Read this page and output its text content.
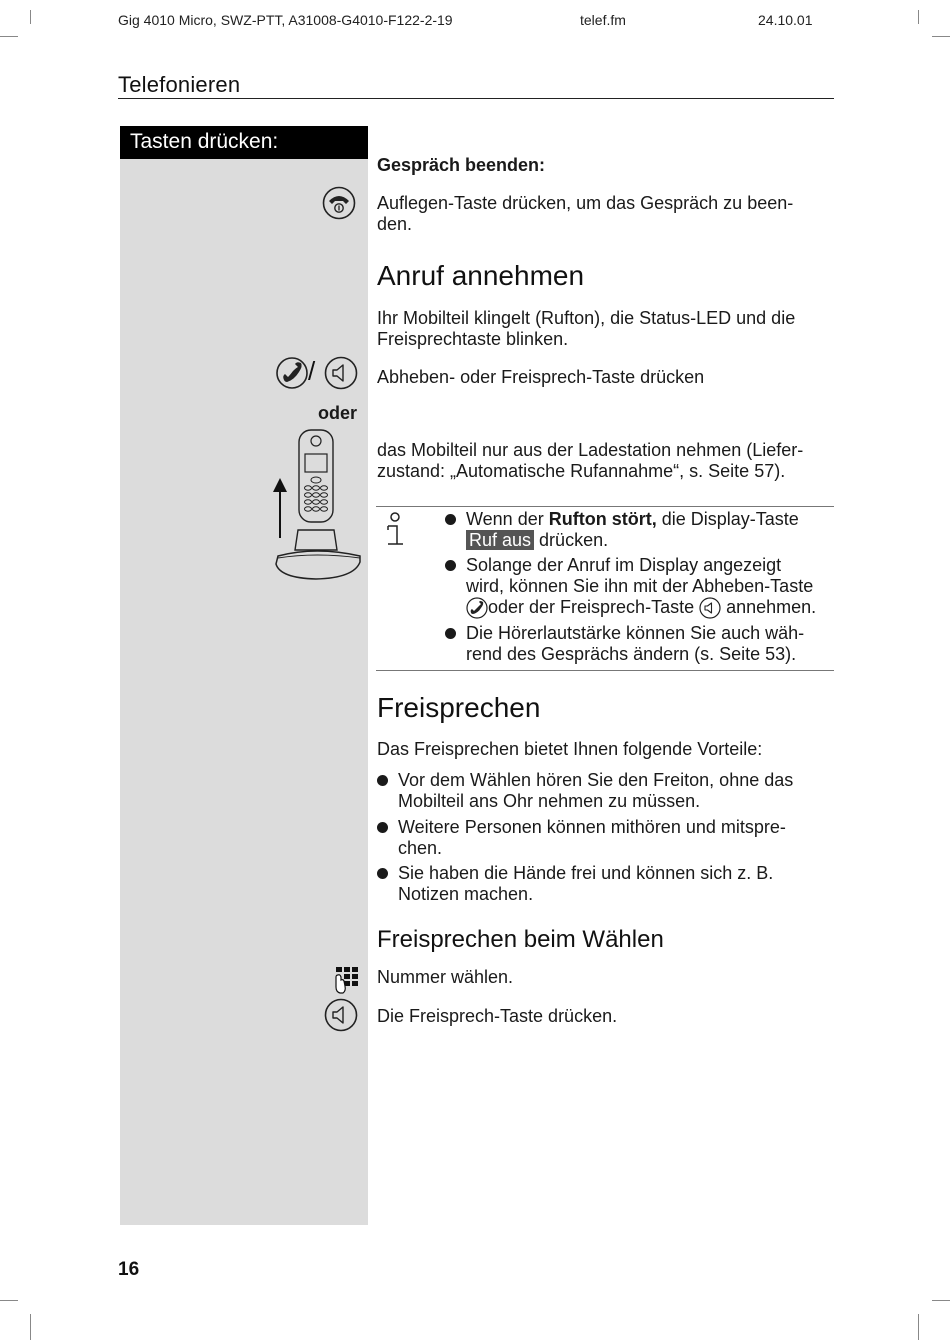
Gig 4010 Micro, SWZ-PTT, A31008-G4010-F122-2-19	telef.fm	24.10.01
Telefonieren
Tasten drücken:
Gespräch beenden:
Auflegen-Taste drücken, um das Gespräch zu been-
den.
Anruf annehmen
Ihr Mobilteil klingelt (Rufton), die Status-LED und die
Freisprechtaste blinken.
/	Abheben- oder Freisprech-Taste drücken
oder
das Mobilteil nur aus der Ladestation nehmen (Liefer-
zustand: „Automatische Rufannahme“, s. Seite 57).
Wenn der Rufton stört, die Display-Taste
Ruf aus drücken.
Solange der Anruf im Display angezeigt
wird, können Sie ihn mit der Abheben-Taste
oder der Freisprech-Taste  annehmen.
Die Hörerlautstärke können Sie auch wäh-
rend des Gesprächs ändern (s. Seite 53).
Freisprechen
Das Freisprechen bietet Ihnen folgende Vorteile:
Vor dem Wählen hören Sie den Freiton, ohne das
Mobilteil ans Ohr nehmen zu müssen.
Weitere Personen können mithören und mitspre-
chen.
Sie haben die Hände frei und können sich z. B.
Notizen machen.
Freisprechen beim Wählen
Nummer wählen.
Die Freisprech-Taste drücken.
16
